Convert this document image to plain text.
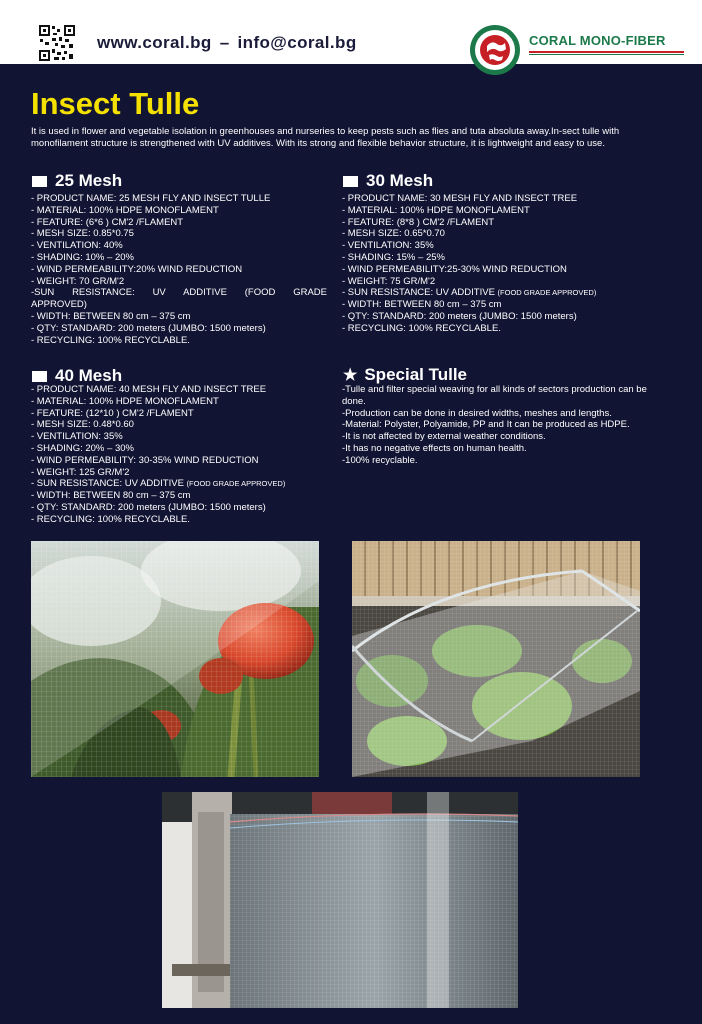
www.coral.bg – info@coral.bg	CORAL MONO-FIBER
Insect Tulle

It is used in flower and vegetable isolation in greenhouses and nurseries to keep pests such as flies and tuta absoluta away.In-sect tulle with monofilament structure is strengthened with UV additives. With its strong and flexible behavior structure, it is lightweight and easy to use.

25 Mesh
- PRODUCT NAME: 25 MESH FLY AND INSECT TULLE
- MATERIAL: 100% HDPE MONOFLAMENT
- FEATURE: (6*6 ) CM'2 /FLAMENT
- MESH SIZE: 0.85*0.75
- VENTILATION: 40%
- SHADING: 10% – 20%
- WIND PERMEABILITY:20% WIND REDUCTION
- WEIGHT: 70 GR/M'2
-SUN RESISTANCE: UV ADDITIVE (FOOD GRADE APPROVED)
- WIDTH: BETWEEN 80 cm – 375 cm
- QTY: STANDARD: 200 meters (JUMBO: 1500 meters)
- RECYCLING: 100% RECYCLABLE.
30 Mesh
- PRODUCT NAME: 30 MESH FLY AND INSECT TREE
- MATERIAL: 100% HDPE MONOFLAMENT
- FEATURE: (8*8 ) CM'2 /FLAMENT
- MESH SIZE: 0.65*0.70
- VENTILATION: 35%
- SHADING: 15% – 25%
- WIND PERMEABILITY:25-30% WIND REDUCTION
- WEIGHT: 75 GR/M'2
- SUN RESISTANCE: UV ADDITIVE (FOOD GRADE APPROVED)
- WIDTH: BETWEEN 80 cm – 375 cm
- QTY: STANDARD: 200 meters (JUMBO: 1500 meters)
- RECYCLING: 100% RECYCLABLE.
40 Mesh
- PRODUCT NAME: 40 MESH FLY AND INSECT TREE
- MATERIAL: 100% HDPE MONOFLAMENT
- FEATURE: (12*10 ) CM'2 /FLAMENT
- MESH SIZE: 0.48*0.60
- VENTILATION: 35%
- SHADING: 20% – 30%
- WIND PERMEABILITY: 30-35% WIND REDUCTION
- WEIGHT: 125 GR/M'2
- SUN RESISTANCE: UV ADDITIVE (FOOD GRADE APPROVED)
- WIDTH: BETWEEN 80 cm – 375 cm
- QTY: STANDARD: 200 meters (JUMBO: 1500 meters)
- RECYCLING: 100% RECYCLABLE.
★ Special Tulle

-Tulle and filter special weaving for all kinds of sectors production can be done.

-Production can be done in desired widths, meshes and lengths.

-Material: Polyster, Polyamide, PP and It can be produced as HDPE.

-It is not affected by external weather conditions.

-It has no negative effects on human health.

-100% recyclable.
